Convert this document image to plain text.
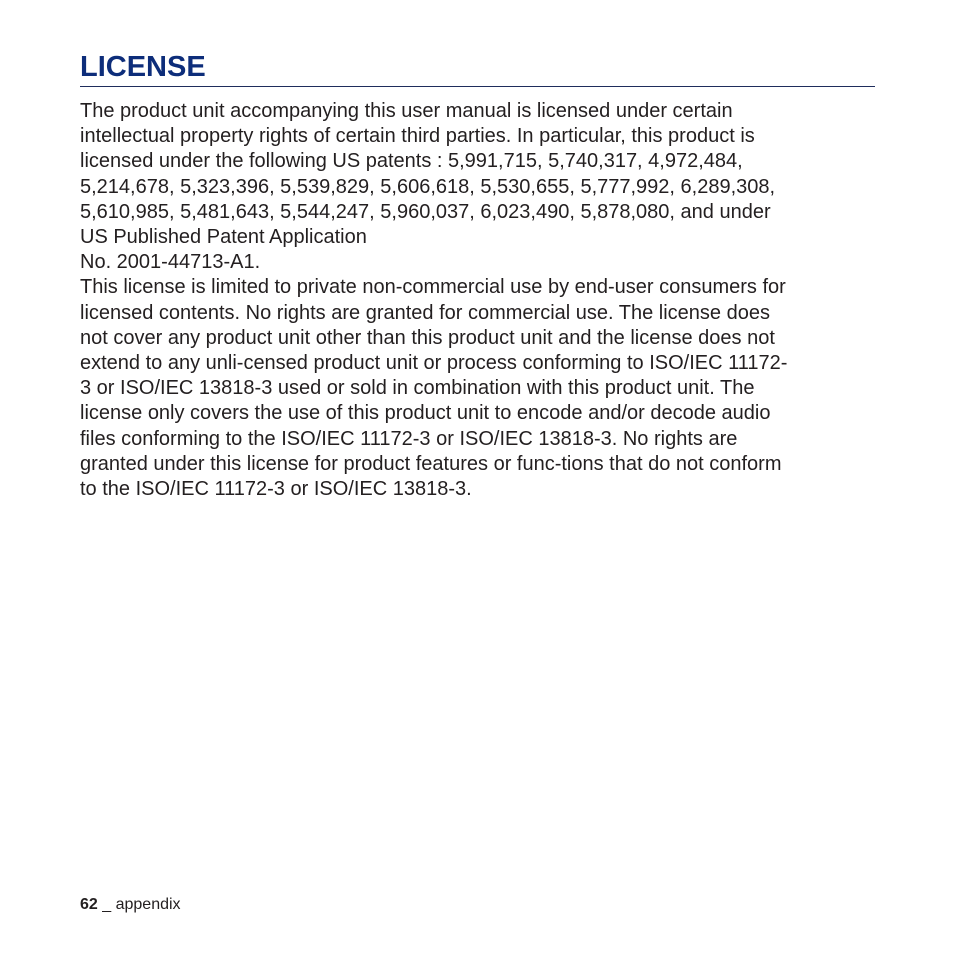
LICENSE
The product unit accompanying this user manual is licensed under certain
intellectual property rights of certain third parties. In particular, this product is
licensed under the following US patents : 5,991,715, 5,740,317, 4,972,484,
5,214,678, 5,323,396, 5,539,829, 5,606,618, 5,530,655, 5,777,992, 6,289,308,
5,610,985, 5,481,643, 5,544,247, 5,960,037, 6,023,490, 5,878,080, and under
US Published Patent Application
No. 2001-44713-A1.
This license is limited to private non-commercial use by end-user consumers for
licensed contents. No rights are granted for commercial use. The license does
not cover any product unit other than this product unit and the license does not
extend to any unli-censed product unit or process conforming to ISO/IEC 11172-
3 or ISO/IEC 13818-3 used or sold in combination with this product unit. The
license only covers the use of this product unit to encode and/or decode audio
files conforming to the ISO/IEC 11172-3 or ISO/IEC 13818-3. No rights are
granted under this license for product features or func-tions that do not conform
to the ISO/IEC 11172-3 or ISO/IEC 13818-3.
62 _ appendix
